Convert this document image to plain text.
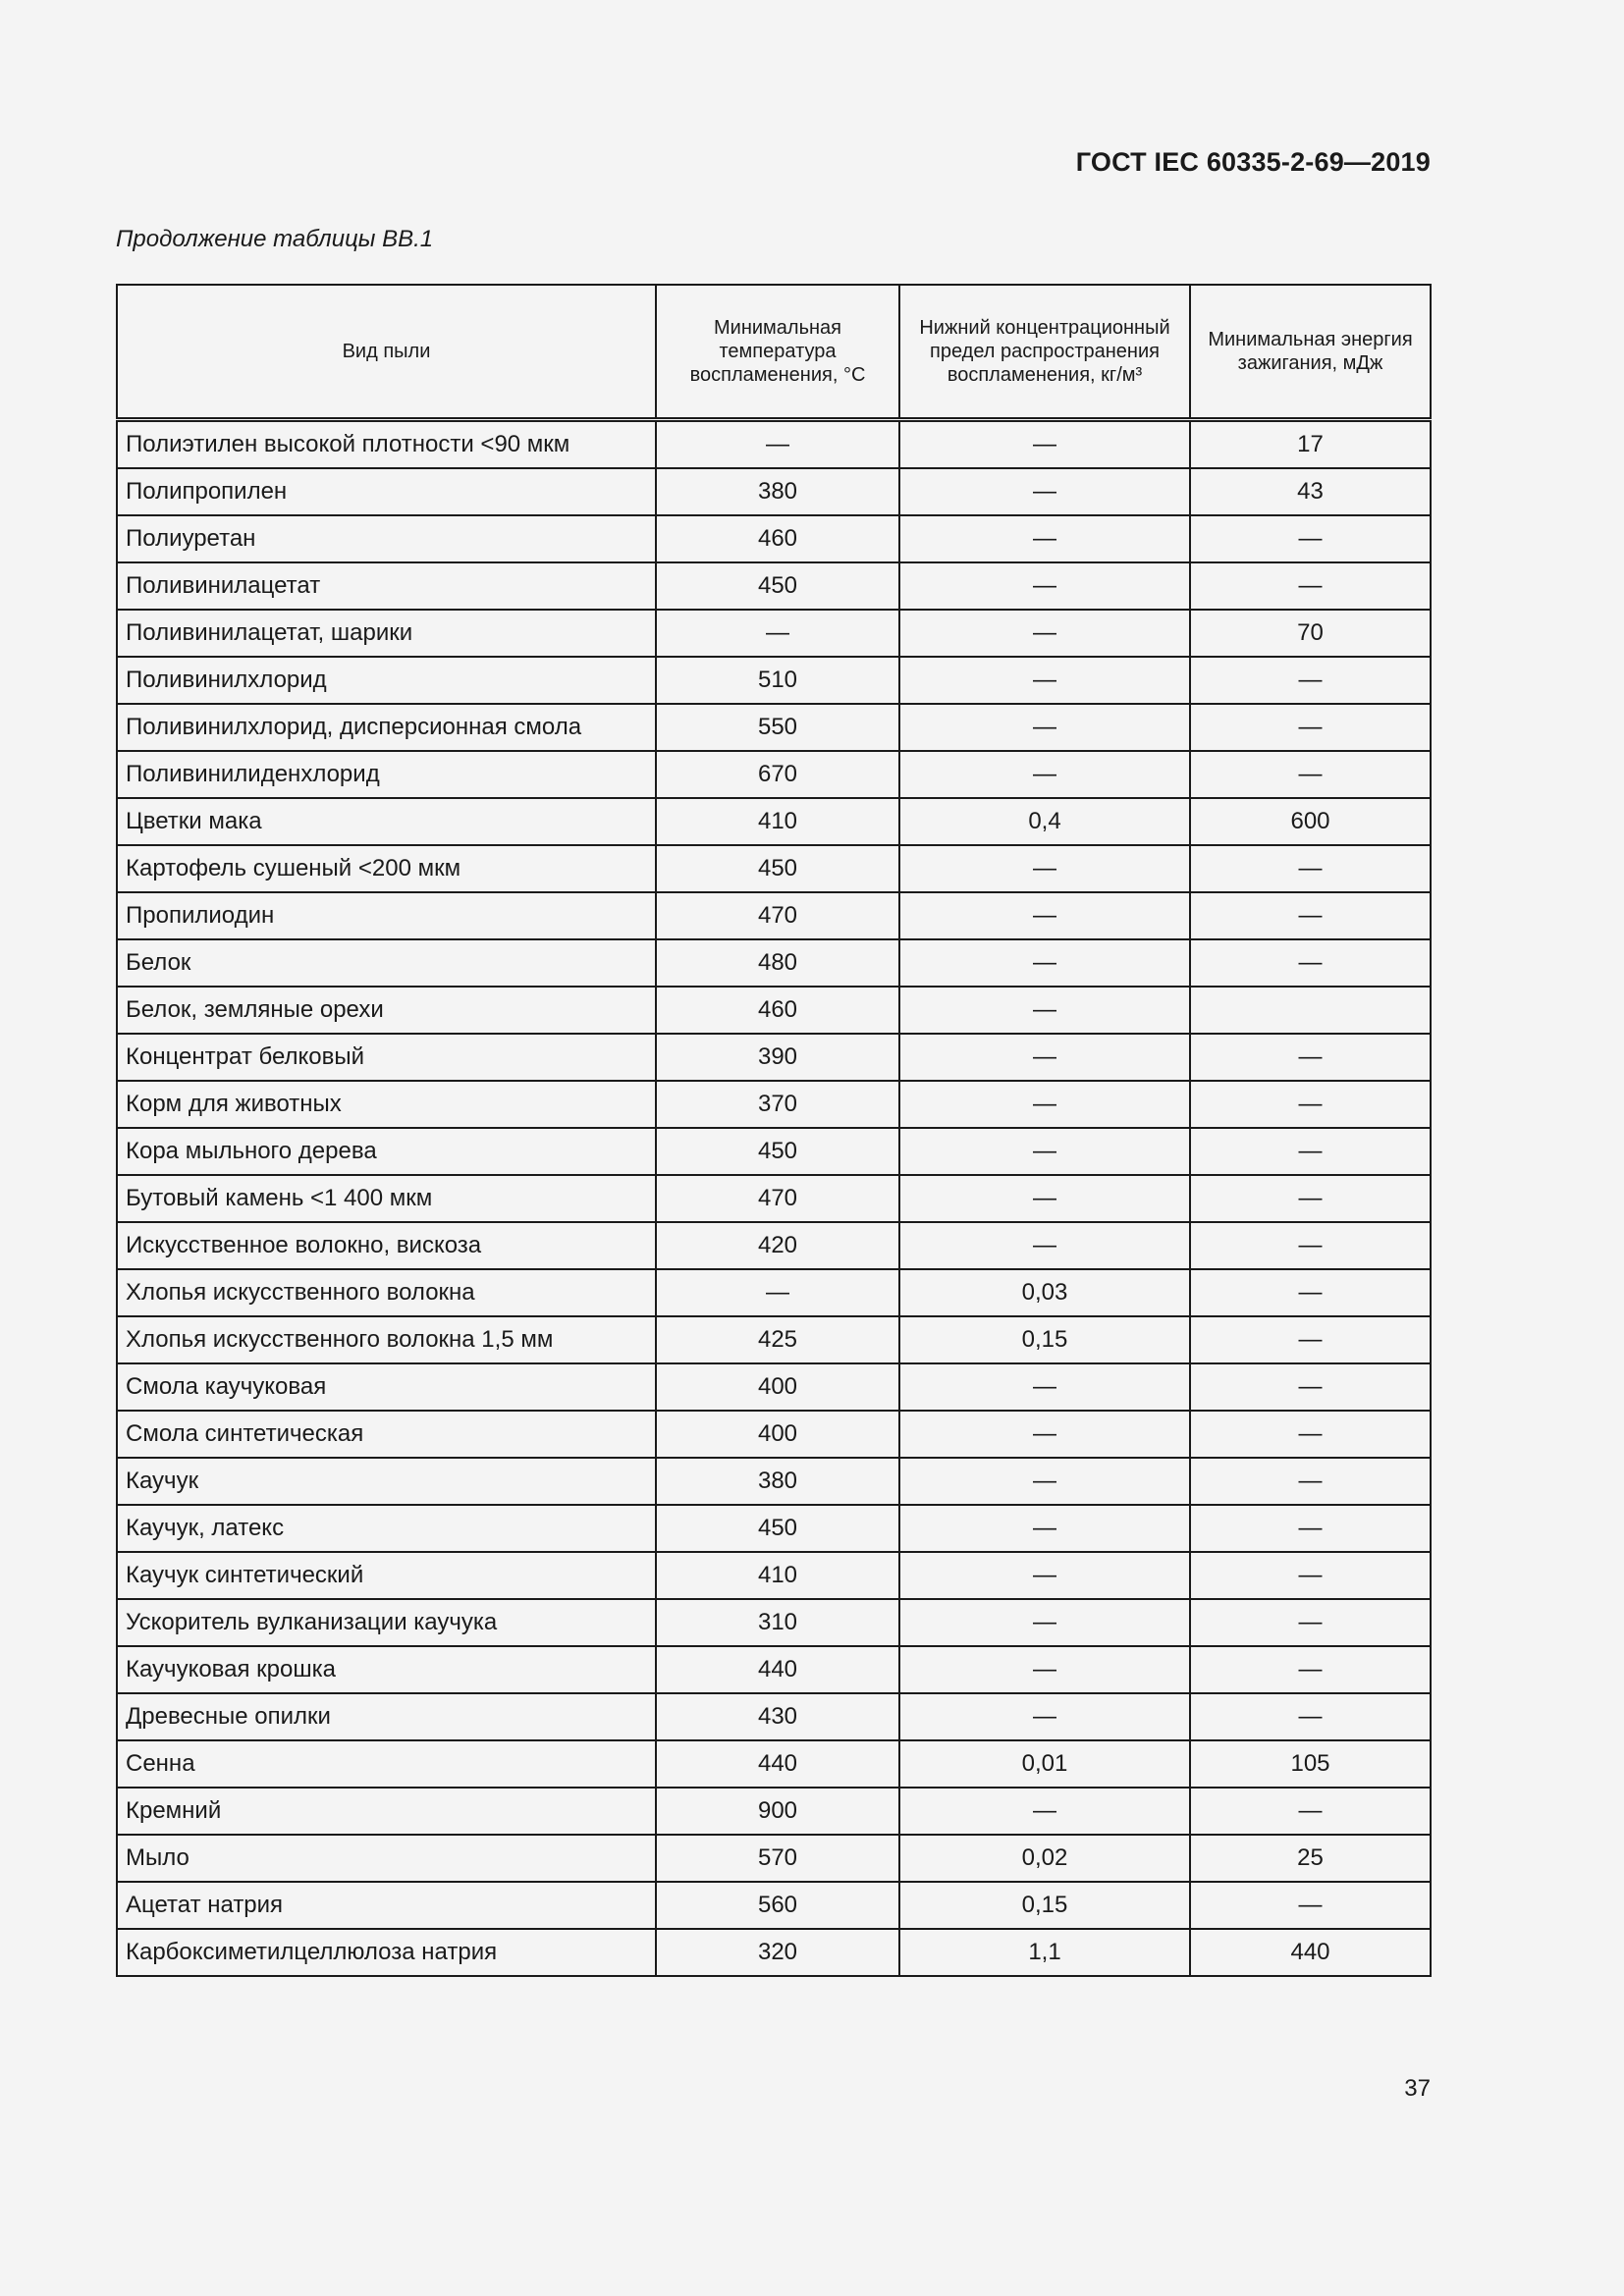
ГОСТ IEC 60335-2-69—2019
Продолжение таблицы ВВ.1
Вид пыли	Минимальная температура воспламенения, °С	Нижний концентрационный предел распространения воспламенения, кг/м³	Минимальная энергия зажигания, мДж
Полиэтилен высокой плотности <90 мкм	—	—	17
Полипропилен	380	—	43
Полиуретан	460	—	—
Поливинилацетат	450	—	—
Поливинилацетат, шарики	—	—	70
Поливинилхлорид	510	—	—
Поливинилхлорид, дисперсионная смола	550	—	—
Поливинилиденхлорид	670	—	—
Цветки мака	410	0,4	600
Картофель сушеный <200 мкм	450	—	—
Пропилиодин	470	—	—
Белок	480	—	—
Белок, земляные орехи	460	—	
Концентрат белковый	390	—	—
Корм для животных	370	—	—
Кора мыльного дерева	450	—	—
Бутовый камень <1 400 мкм	470	—	—
Искусственное волокно, вискоза	420	—	—
Хлопья искусственного волокна	—	0,03	—
Хлопья искусственного волокна 1,5 мм	425	0,15	—
Смола каучуковая	400	—	—
Смола синтетическая	400	—	—
Каучук	380	—	—
Каучук, латекс	450	—	—
Каучук синтетический	410	—	—
Ускоритель вулканизации каучука	310	—	—
Каучуковая крошка	440	—	—
Древесные опилки	430	—	—
Сенна	440	0,01	105
Кремний	900	—	—
Мыло	570	0,02	25
Ацетат натрия	560	0,15	—
Карбоксиметилцеллюлоза натрия	320	1,1	440
37
